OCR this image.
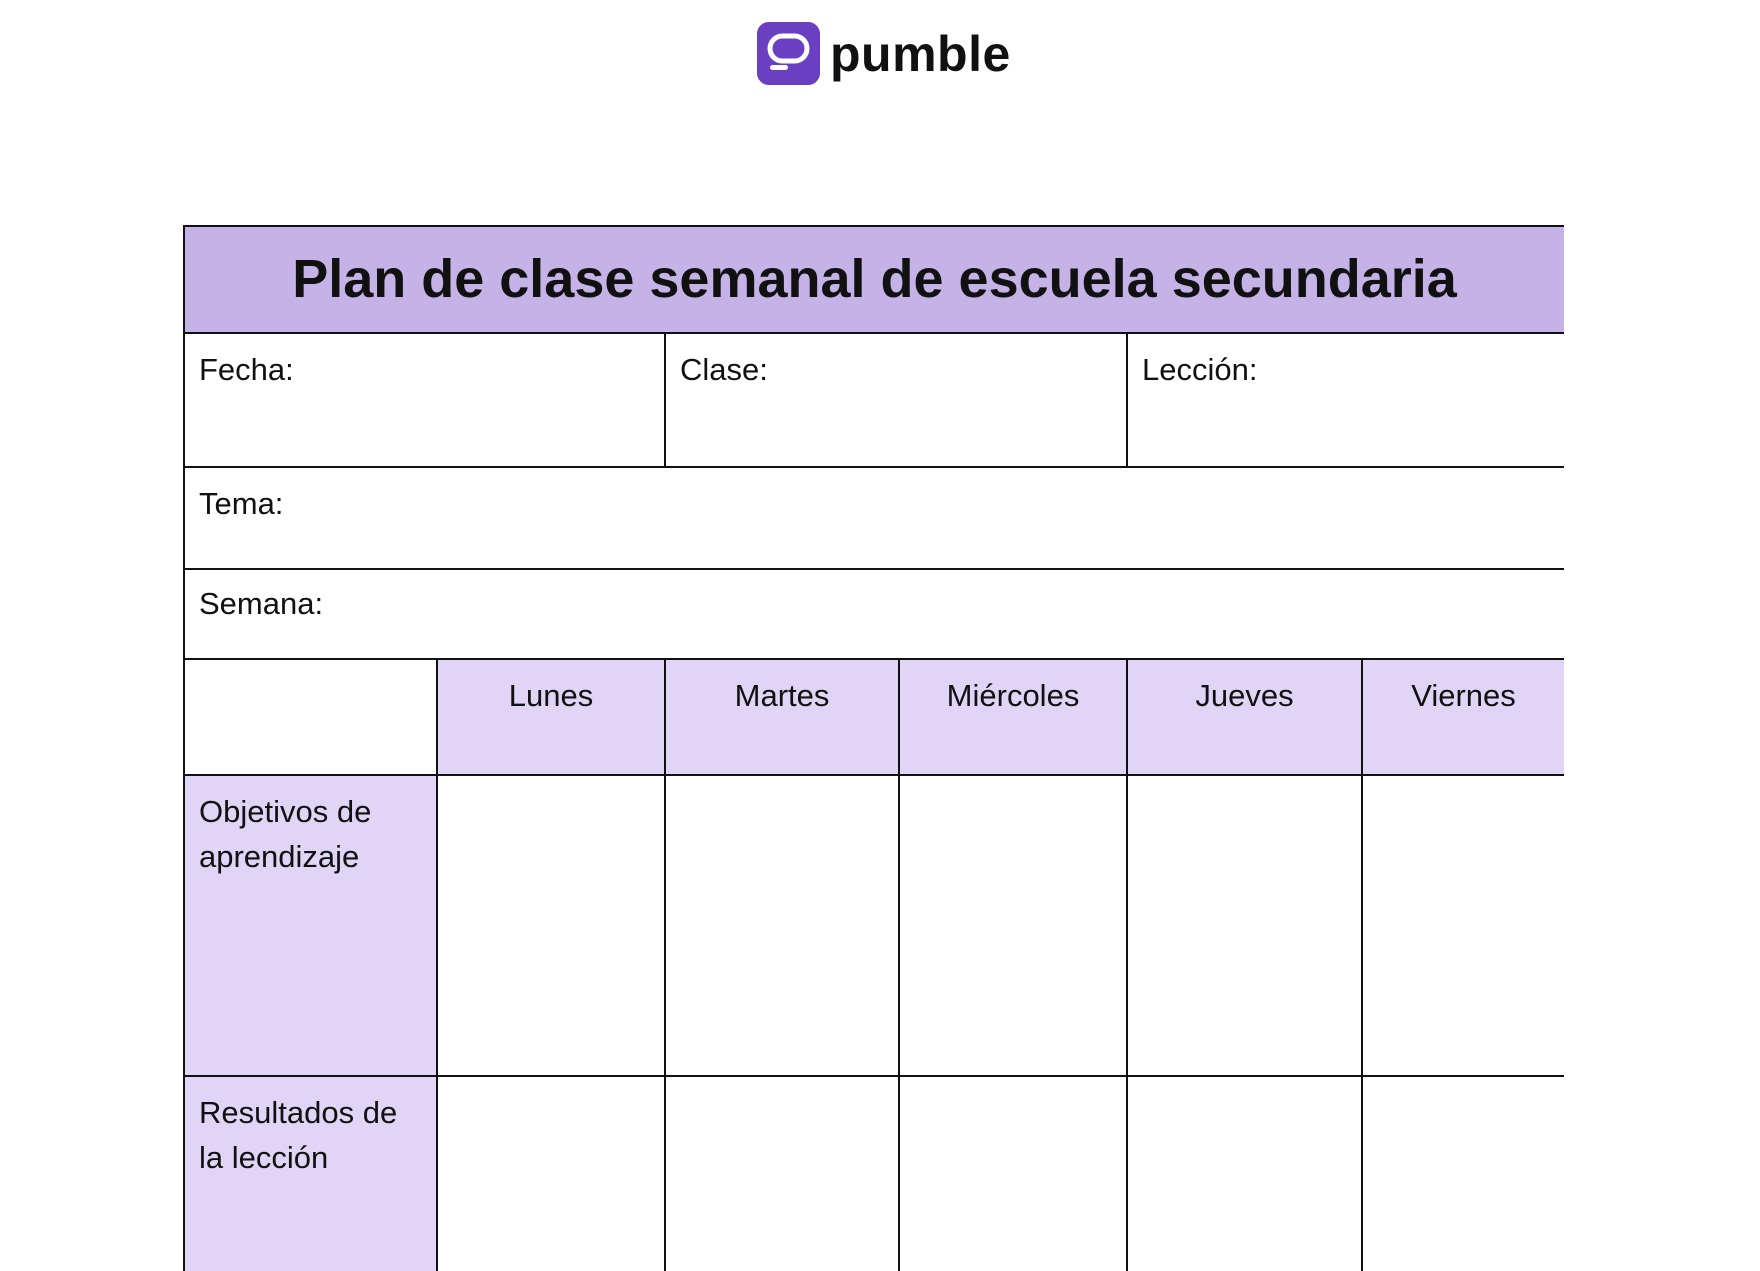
pumble
Plan de clase semanal de escuela secundaria					
Fecha:		Clase:		Lección:	
Tema:					
Semana:					
	Lunes	Martes	Miércoles	Jueves	Viernes
Objetivos de aprendizaje					
Resultados de la lección					
